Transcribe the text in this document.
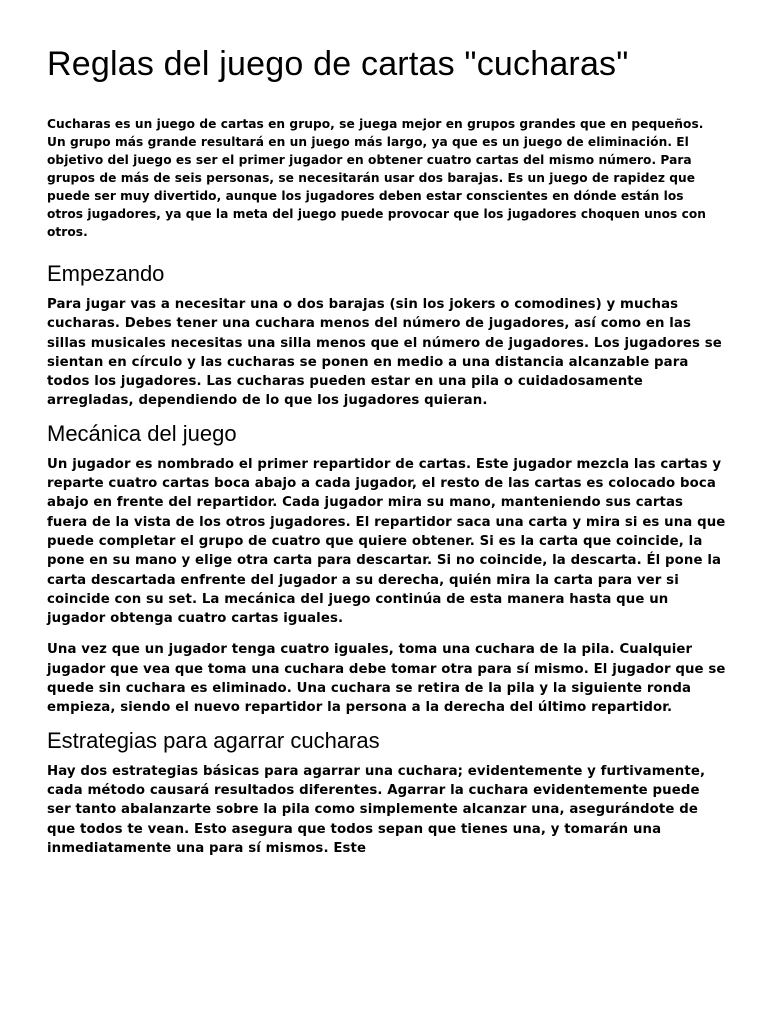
Reglas del juego de cartas "cucharas"

Cucharas es un juego de cartas en grupo, se juega mejor en grupos grandes que en pequeños. Un grupo más grande resultará en un juego más largo, ya que es un juego de eliminación. El objetivo del juego es ser el primer jugador en obtener cuatro cartas del mismo número. Para grupos de más de seis personas, se necesitarán usar dos barajas. Es un juego de rapidez que puede ser muy divertido, aunque los jugadores deben estar conscientes en dónde están los otros jugadores, ya que la meta del juego puede provocar que los jugadores choquen unos con otros.

Empezando

Para jugar vas a necesitar una o dos barajas (sin los jokers o comodines) y muchas cucharas. Debes tener una cuchara menos del número de jugadores, así como en las sillas musicales necesitas una silla menos que el número de jugadores. Los jugadores se sientan en círculo y las cucharas se ponen en medio a una distancia alcanzable para todos los jugadores. Las cucharas pueden estar en una pila o cuidadosamente arregladas, dependiendo de lo que los jugadores quieran.

Mecánica del juego

Un jugador es nombrado el primer repartidor de cartas. Este jugador mezcla las cartas y reparte cuatro cartas boca abajo a cada jugador, el resto de las cartas es colocado boca abajo en frente del repartidor. Cada jugador mira su mano, manteniendo sus cartas fuera de la vista de los otros jugadores. El repartidor saca una carta y mira si es una que puede completar el grupo de cuatro que quiere obtener. Si es la carta que coincide, la pone en su mano y elige otra carta para descartar. Si no coincide, la descarta. Él pone la carta descartada enfrente del jugador a su derecha, quién mira la carta para ver si coincide con su set. La mecánica del juego continúa de esta manera hasta que un jugador obtenga cuatro cartas iguales.

Una vez que un jugador tenga cuatro iguales, toma una cuchara de la pila. Cualquier jugador que vea que toma una cuchara debe tomar otra para sí mismo. El jugador que se quede sin cuchara es eliminado. Una cuchara se retira de la pila y la siguiente ronda empieza, siendo el nuevo repartidor la persona a la derecha del último repartidor.

Estrategias para agarrar cucharas

Hay dos estrategias básicas para agarrar una cuchara; evidentemente y furtivamente, cada método causará resultados diferentes. Agarrar la cuchara evidentemente puede ser tanto abalanzarte sobre la pila como simplemente alcanzar una, asegurándote de que todos te vean. Esto asegura que todos sepan que tienes una, y tomarán una inmediatamente una para sí mismos. Este
